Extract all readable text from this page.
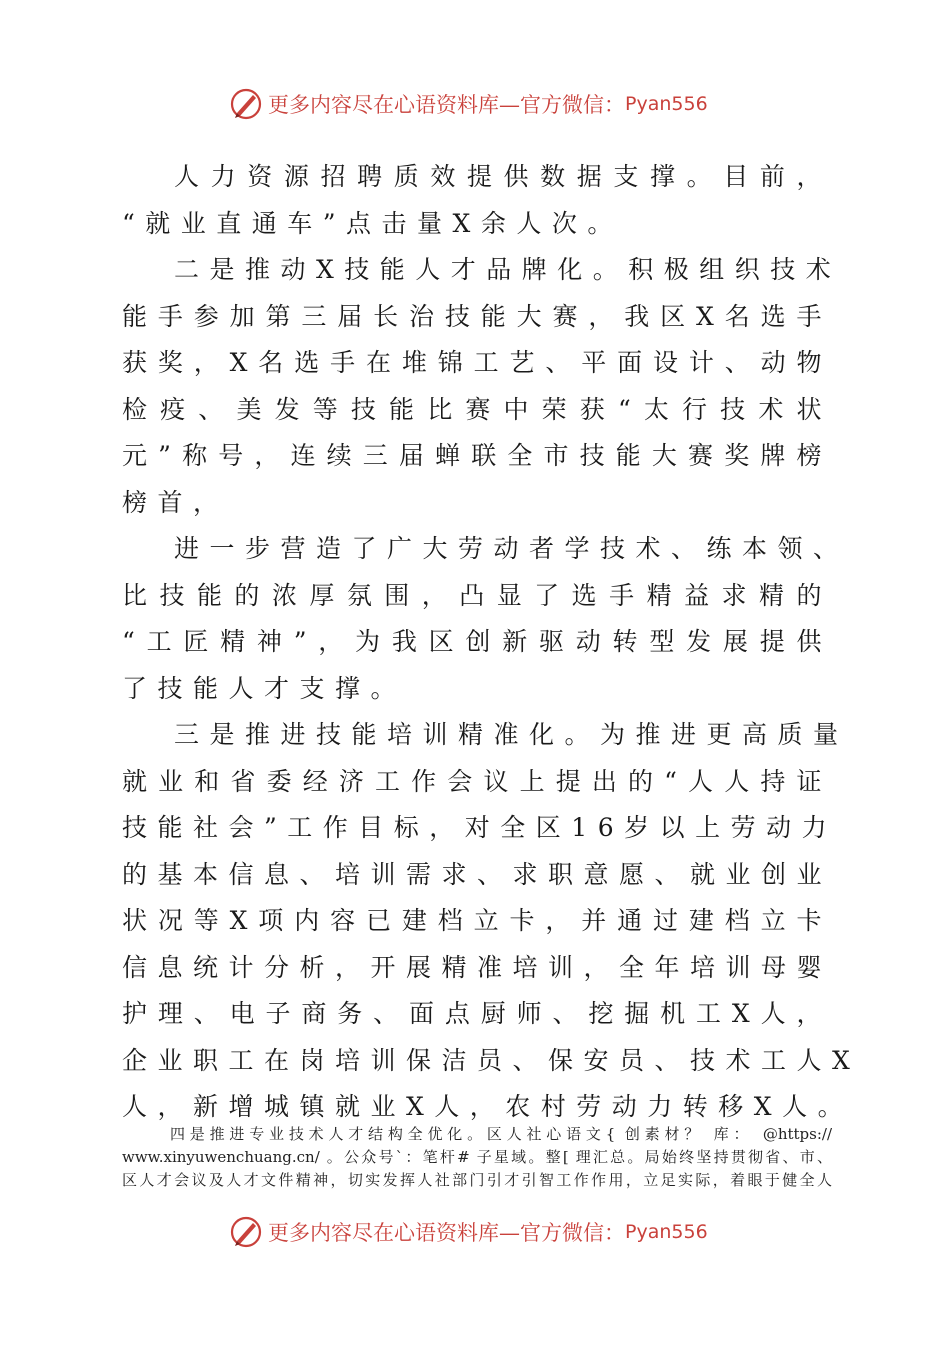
更多内容尽在心语资料库—官方微信： Pyan556
人力资源招聘质效提供数据支撑。目前，
“就业直通车”点击量X余人次。
二是推动X技能人才品牌化。积极组织技术
能手参加第三届长治技能大赛，我区X名选手
获奖，X名选手在堆锦工艺、平面设计、动物
检疫、美发等技能比赛中荣获“太行技术状
元”称号，连续三届蝉联全市技能大赛奖牌榜
榜首，
进一步营造了广大劳动者学技术、练本领、
比技能的浓厚氛围，凸显了选手精益求精的
“工匠精神”，为我区创新驱动转型发展提供
了技能人才支撑。
三是推进技能培训精准化。为推进更高质量
就业和省委经济工作会议上提出的“人人持证
技能社会”工作目标，对全区16岁以上劳动力
的基本信息、培训需求、求职意愿、就业创业
状况等X项内容已建档立卡，并通过建档立卡
信息统计分析，开展精准培训，全年培训母婴
护理、电子商务、面点厨师、挖掘机工X人，
企业职工在岗培训保洁员、保安员、技术工人X
人，新增城镇就业X人，农村劳动力转移X人。
四是推进专业技术人才结构全优化。区人社心语文{ 创素材？ 库： @https://
www.xinyuwenchuang.cn/ 。公众号`：笔杆# 子星域。整[ 理汇总。局始终坚持贯彻省、市、
区人才会议及人才文件精神，切实发挥人社部门引才引智工作作用，立足实际，着眼于健全人
更多内容尽在心语资料库—官方微信： Pyan556
